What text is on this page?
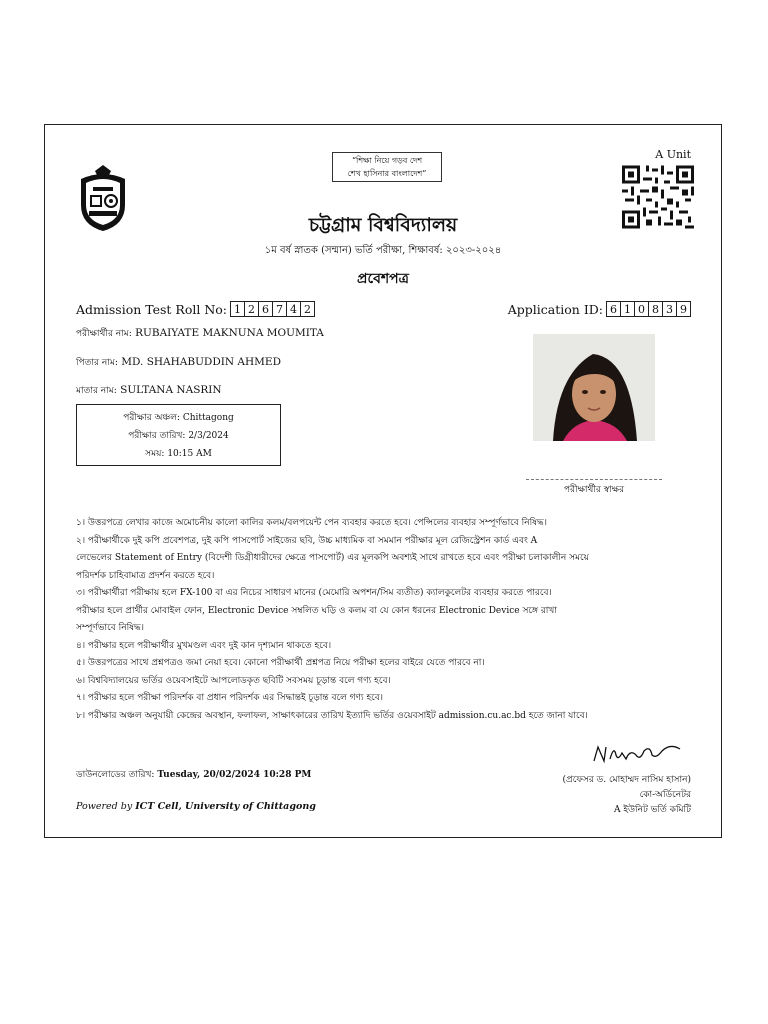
“শিক্ষা নিয়ে গড়ব দেশ
শেখ হাসিনার বাংলাদেশ”
A Unit
চট্টগ্রাম বিশ্ববিদ্যালয়
১ম বর্ষ স্নাতক (সম্মান) ভর্তি পরীক্ষা, শিক্ষাবর্ষ: ২০২৩-২০২৪
প্রবেশপত্র
Admission Test Roll No: 1 2 6 7 4 2	Application ID: 6 1 0 8 3 9
পরীক্ষার্থীর নাম: RUBAIYATE MAKNUNA MOUMITA
পিতার নাম: MD. SHAHABUDDIN AHMED
মাতার নাম: SULTANA NASRIN
পরীক্ষার অঞ্চল: Chittagong
পরীক্ষার তারিখ: 2/3/2024
সময়: 10:15 AM
পরীক্ষার্থীর স্বাক্ষর
১। উত্তরপত্রে লেখার কাজে অমোচনীয় কালো কালির কলম/বলপয়েন্ট পেন ব্যবহার করতে হবে। পেন্সিলের ব্যবহার সম্পূর্ণভাবে নিষিদ্ধ।
২। পরীক্ষার্থীকে দুই কপি প্রবেশপত্র, দুই কপি পাসপোর্ট সাইজের ছবি, উচ্চ মাধ্যমিক বা সমমান পরীক্ষার মূল রেজিস্ট্রেশন কার্ড এবং A
লেভেলের Statement of Entry (বিদেশী ডিগ্রীধারীদের ক্ষেত্রে পাসপোর্ট) এর মূলকপি অবশ্যই সাথে রাখতে হবে এবং পরীক্ষা চলাকালীন সময়ে
পরিদর্শক চাহিবামাত্র প্রদর্শন করতে হবে।
৩। পরীক্ষার্থীরা পরীক্ষায় হলে FX-100 বা এর নিচের সাধারণ মানের (মেমোরি অপশন/সিম ব্যতীত) ক্যালকুলেটর ব্যবহার করতে পারবে।
পরীক্ষার হলে প্রার্থীর মোবাইল ফোন, Electronic Device সম্বলিত ঘড়ি ও কলম বা যে কোন ধরনের Electronic Device সঙ্গে রাখা
সম্পূর্ণভাবে নিষিদ্ধ।
৪। পরীক্ষার হলে পরীক্ষার্থীর মুখমণ্ডল এবং দুই কান দৃশ্যমান থাকতে হবে।
৫। উত্তরপত্রের সাথে প্রশ্নপত্রও জমা নেয়া হবে। কোনো পরীক্ষার্থী প্রশ্নপত্র নিয়ে পরীক্ষা হলের বাইরে যেতে পারবে না।
৬। বিশ্ববিদ্যালয়ের ভর্তির ওয়েবসাইটে আপলোডকৃত ছবিটি সবসময় চূড়ান্ত বলে গণ্য হবে।
৭। পরীক্ষার হলে পরীক্ষা পরিদর্শক বা প্রধান পরিদর্শক এর সিদ্ধান্তই চূড়ান্ত বলে গণ্য হবে।
৮। পরীক্ষার অঞ্চল অনুযায়ী কেন্দ্রের অবস্থান, ফলাফল, সাক্ষাৎকারের তারিখ ইত্যাদি ভর্তির ওয়েবসাইট admission.cu.ac.bd হতে জানা যাবে।
ডাউনলোডের তারিখ: Tuesday, 20/02/2024 10:28 PM
Powered by ICT Cell, University of Chittagong
(প্রফেসর ড. মোহাম্মদ নাসিম হাসান)
কো-অর্ডিনেটর
A ইউনিট ভর্তি কমিটি
